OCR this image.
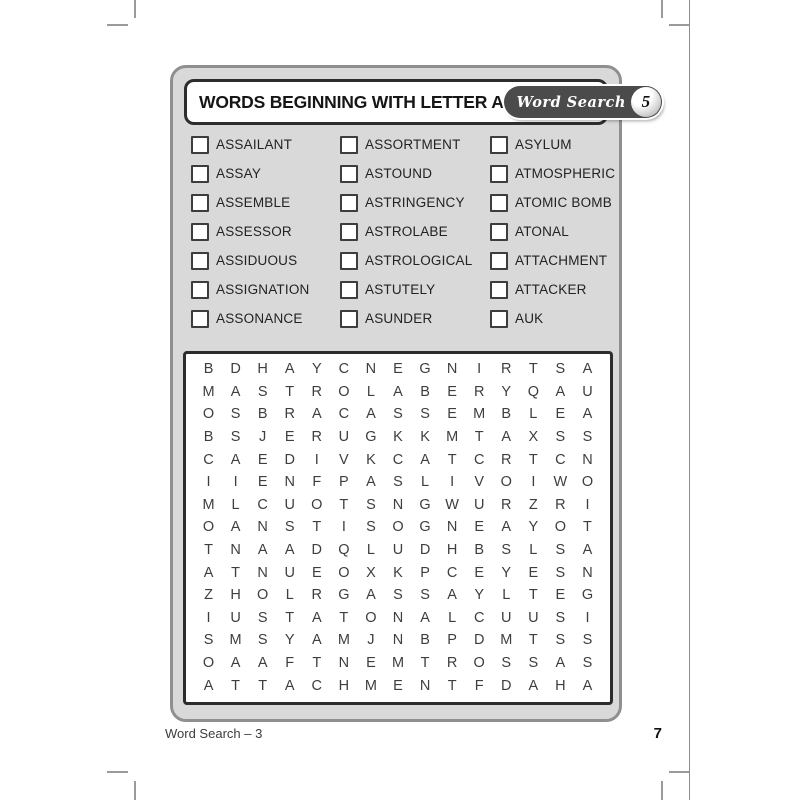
WORDS BEGINNING WITH LETTER A Word Search 5
ASSAILANT
ASSAY
ASSEMBLE
ASSESSOR
ASSIDUOUS
ASSIGNATION
ASSONANCE
ASSORTMENT
ASTOUND
ASTRINGENCY
ASTROLABE
ASTROLOGICAL
ASTUTELY
ASUNDER
ASYLUM
ATMOSPHERIC
ATOMIC BOMB
ATONAL
ATTACHMENT
ATTACKER
AUK
B	D	H	A	Y	C	N	E	G	N	I	R	T	S	A
M	A	S	T	R	O	L	A	B	E	R	Y	Q	A	U
O	S	B	R	A	C	A	S	S	E	M	B	L	E	A
B	S	J	E	R	U	G	K	K	M	T	A	X	S	S
C	A	E	D	I	V	K	C	A	T	C	R	T	C	N
I	I	E	N	F	P	A	S	L	I	V	O	I	W	O
M	L	C	U	O	T	S	N	G	W	U	R	Z	R	I
O	A	N	S	T	I	S	O	G	N	E	A	Y	O	T
T	N	A	A	D	Q	L	U	D	H	B	S	L	S	A
A	T	N	U	E	O	X	K	P	C	E	Y	E	S	N
Z	H	O	L	R	G	A	S	S	A	Y	L	T	E	G
I	U	S	T	A	T	O	N	A	L	C	U	U	S	I
S	M	S	Y	A	M	J	N	B	P	D	M	T	S	S
O	A	A	F	T	N	E	M	T	R	O	S	S	A	S
A	T	T	A	C	H	M	E	N	T	F	D	A	H	A
Word Search – 3	7
